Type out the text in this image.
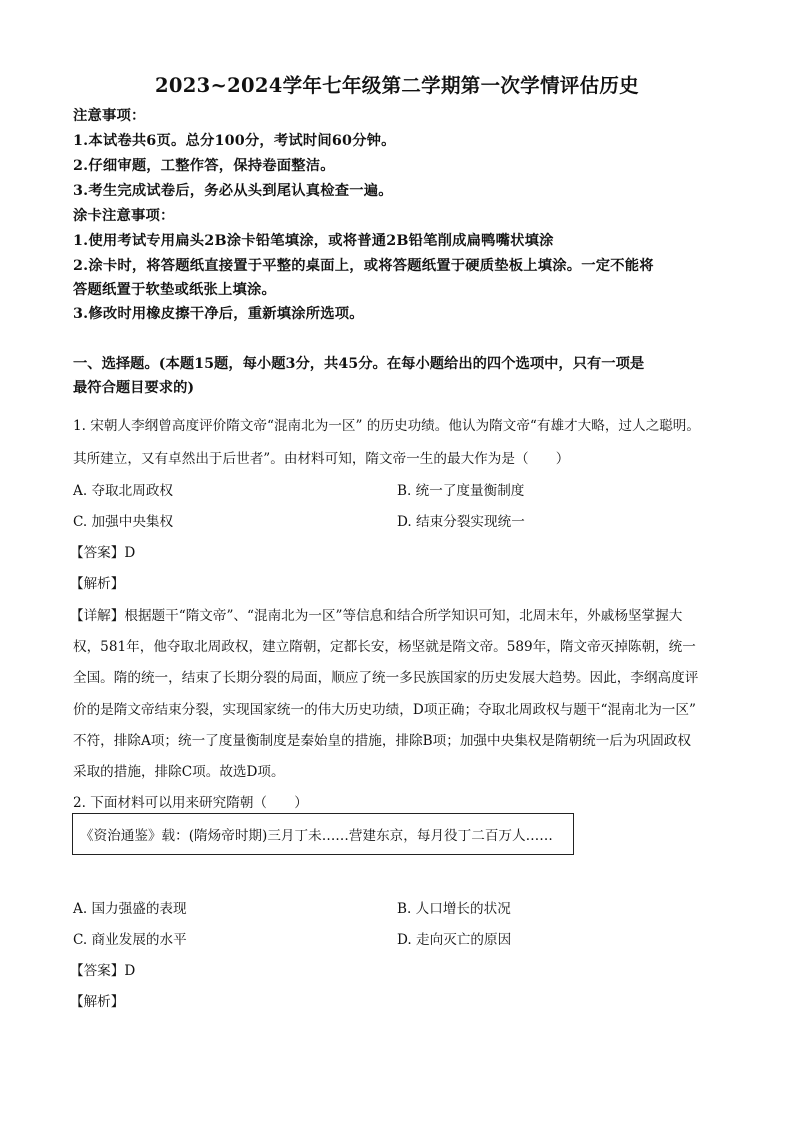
2023~2024学年七年级第二学期第一次学情评估历史
注意事项：
1.本试卷共6页。总分100分，考试时间60分钟。
2.仔细审题，工整作答，保持卷面整洁。
3.考生完成试卷后，务必从头到尾认真检查一遍。
涂卡注意事项：
1.使用考试专用扁头2B涂卡铅笔填涂，或将普通2B铅笔削成扁鸭嘴状填涂
2.涂卡时，将答题纸直接置于平整的桌面上，或将答题纸置于硬质垫板上填涂。一定不能将
答题纸置于软垫或纸张上填涂。
3.修改时用橡皮擦干净后，重新填涂所选项。
一、选择题。(本题15题，每小题3分，共45分。在每小题给出的四个选项中，只有一项是
最符合题目要求的)
1. 宋朝人李纲曾高度评价隋文帝“混南北为一区” 的历史功绩。他认为隋文帝“有雄才大略，过人之聪明。
其所建立，又有卓然出于后世者”。由材料可知，隋文帝一生的最大作为是（　　）
A. 夺取北周政权	B. 统一了度量衡制度
C. 加强中央集权	D. 结束分裂实现统一
【答案】D
【解析】
【详解】根据题干“隋文帝”、“混南北为一区”等信息和结合所学知识可知，北周末年，外戚杨坚掌握大
权，581年，他夺取北周政权，建立隋朝，定都长安，杨坚就是隋文帝。589年，隋文帝灭掉陈朝，统一
全国。隋的统一，结束了长期分裂的局面，顺应了统一多民族国家的历史发展大趋势。因此，李纲高度评
价的是隋文帝结束分裂，实现国家统一的伟大历史功绩，D项正确；夺取北周政权与题干“混南北为一区”
不符，排除A项；统一了度量衡制度是秦始皇的措施，排除B项；加强中央集权是隋朝统一后为巩固政权
采取的措施，排除C项。故选D项。
2. 下面材料可以用来研究隋朝（　　）
《资治通鉴》载：(隋炀帝时期)三月丁未……营建东京，每月役丁二百万人……
A. 国力强盛的表现	B. 人口增长的状况
C. 商业发展的水平	D. 走向灭亡的原因
【答案】D
【解析】
